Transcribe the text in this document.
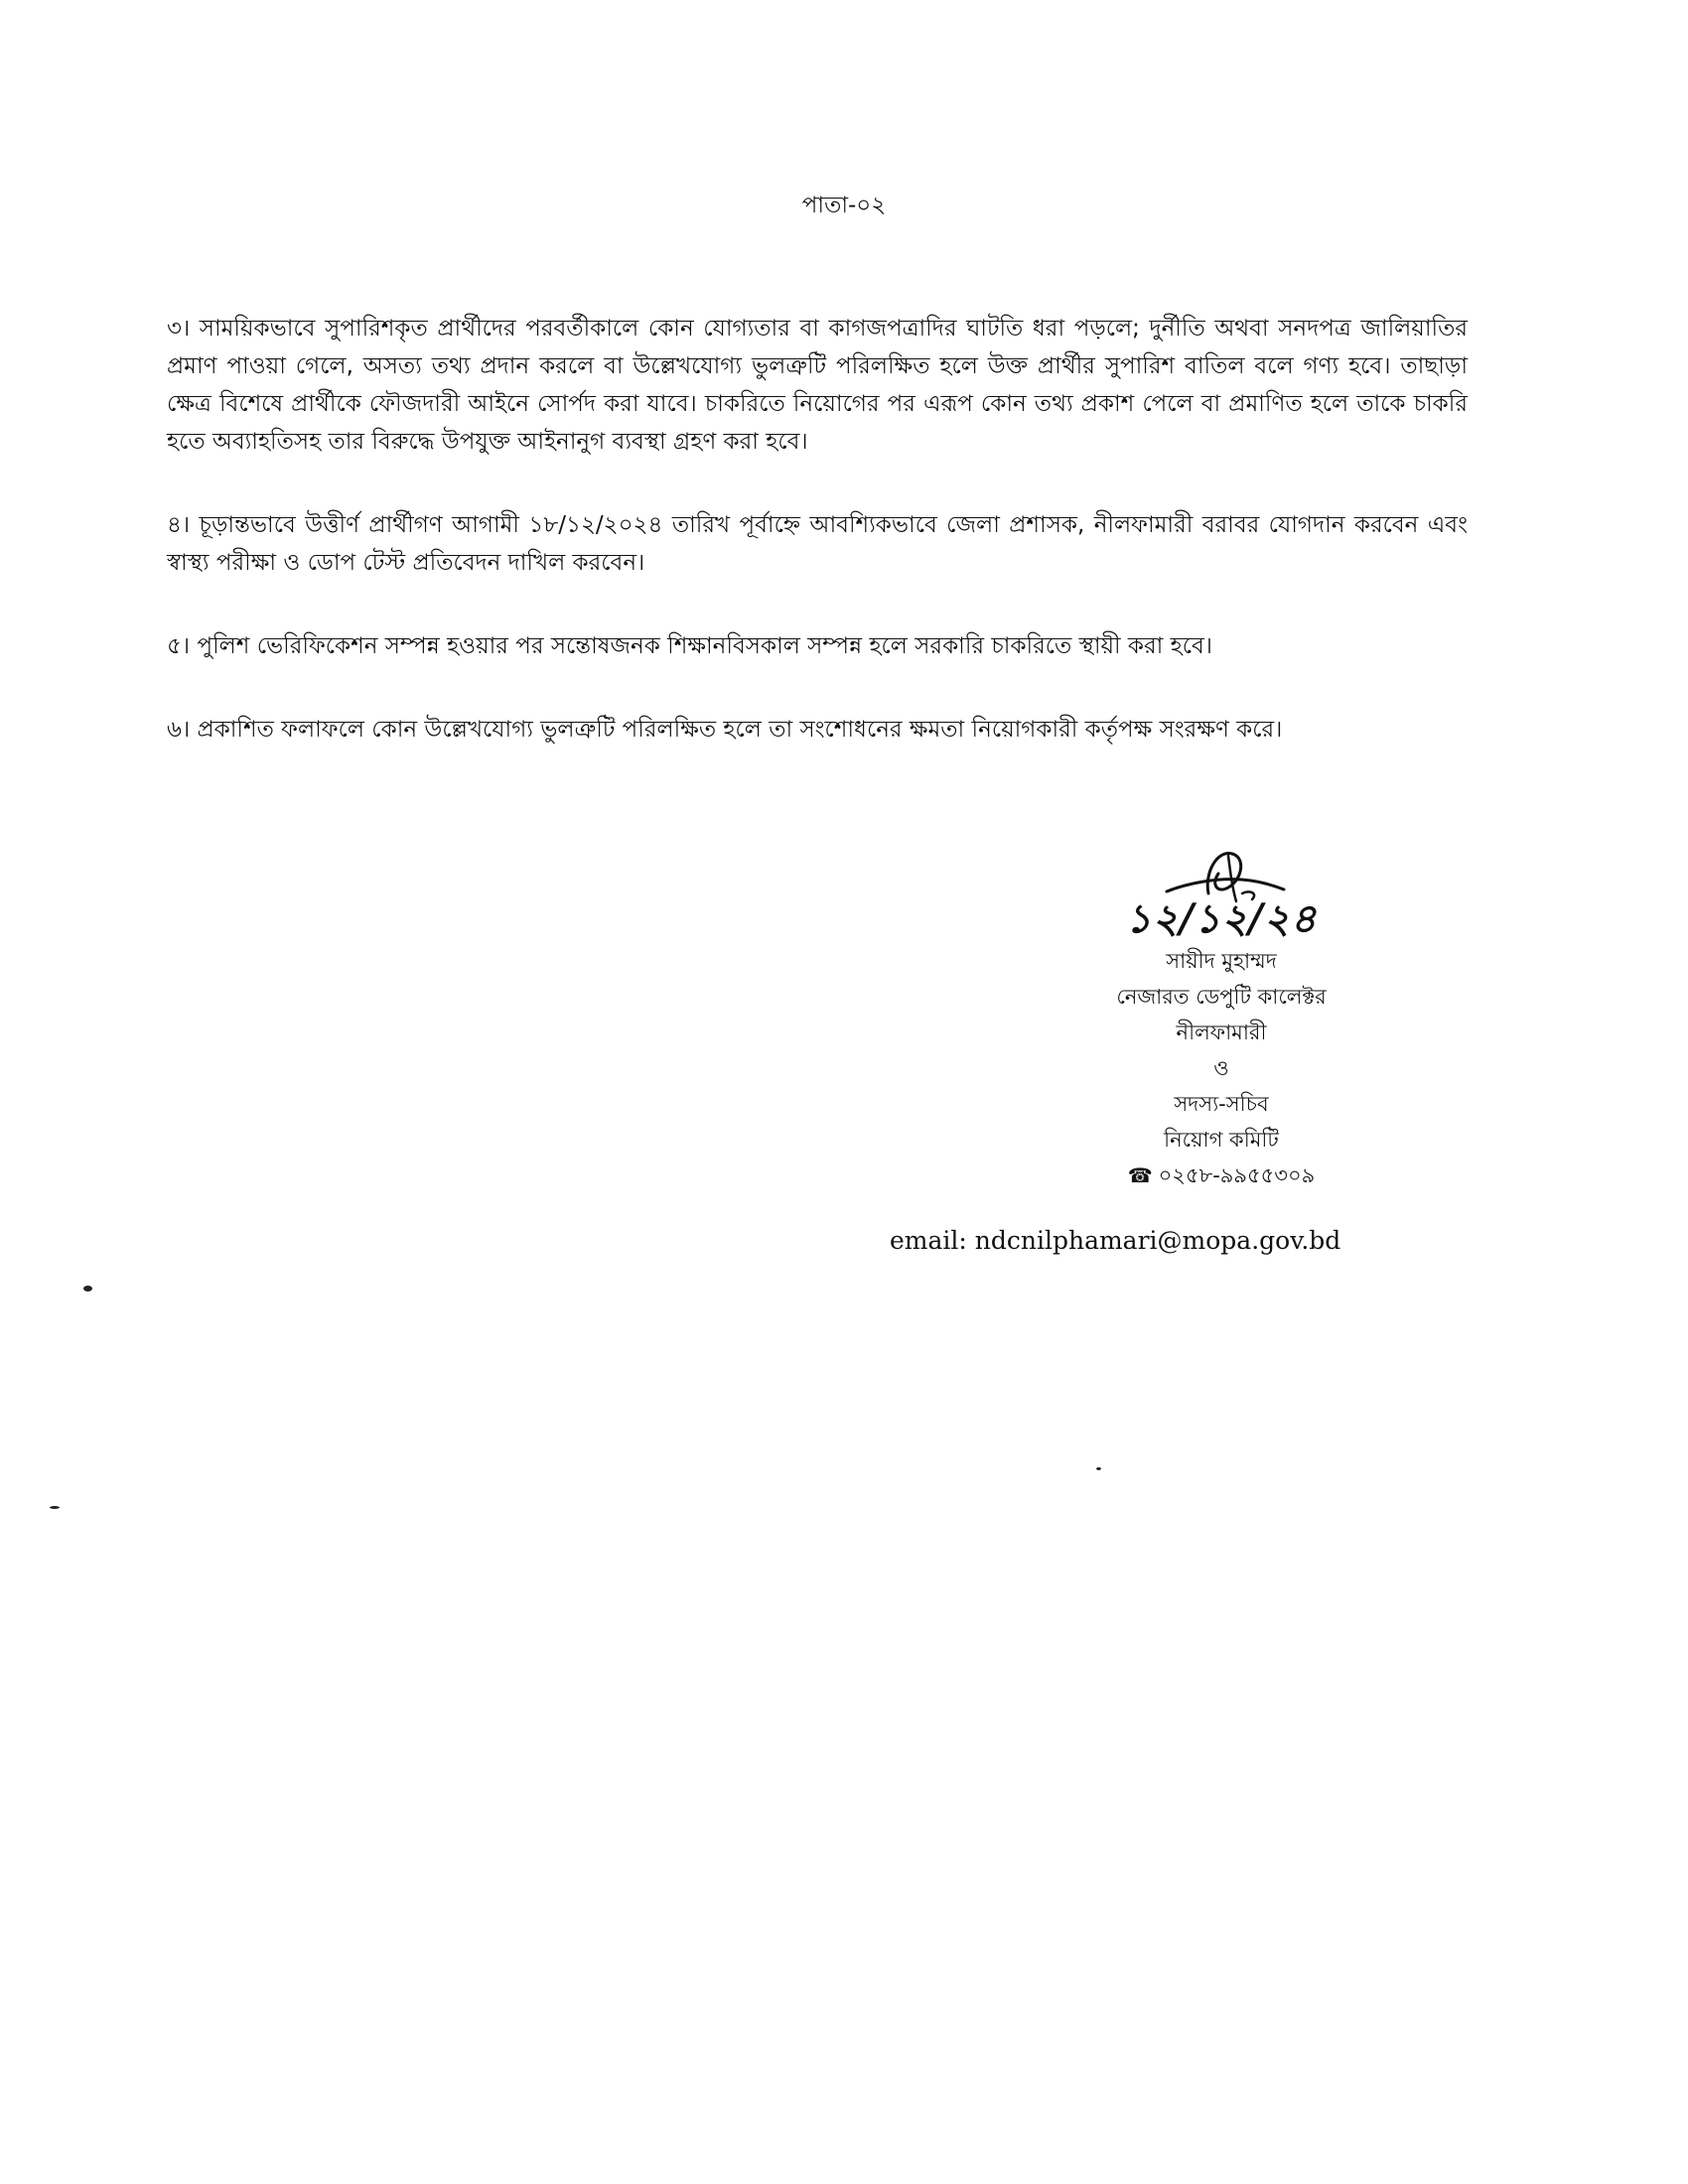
পাতা-০২

৩। সাময়িকভাবে সুপারিশকৃত প্রার্থীদের পরবর্তীকালে কোন যোগ্যতার বা কাগজপত্রাদির ঘাটতি ধরা পড়লে; দুর্নীতি অথবা সনদপত্র জালিয়াতির প্রমাণ পাওয়া গেলে, অসত্য তথ্য প্রদান করলে বা উল্লেখযোগ্য ভুলত্রুটি পরিলক্ষিত হলে উক্ত প্রার্থীর সুপারিশ বাতিল বলে গণ্য হবে। তাছাড়া ক্ষেত্র বিশেষে প্রার্থীকে ফৌজদারী আইনে সোর্পদ করা যাবে। চাকরিতে নিয়োগের পর এরূপ কোন তথ্য প্রকাশ পেলে বা প্রমাণিত হলে তাকে চাকরি হতে অব্যাহতিসহ তার বিরুদ্ধে উপযুক্ত আইনানুগ ব্যবস্থা গ্রহণ করা হবে।

৪। চূড়ান্তভাবে উত্তীর্ণ প্রার্থীগণ আগামী ১৮/১২/২০২৪ তারিখ পূর্বাহ্নে আবশ্যিকভাবে জেলা প্রশাসক, নীলফামারী বরাবর যোগদান করবেন এবং স্বাস্থ্য পরীক্ষা ও ডোপ টেস্ট প্রতিবেদন দাখিল করবেন।

৫। পুলিশ ভেরিফিকেশন সম্পন্ন হওয়ার পর সন্তোষজনক শিক্ষানবিসকাল সম্পন্ন হলে সরকারি চাকরিতে স্থায়ী করা হবে।

৬। প্রকাশিত ফলাফলে কোন উল্লেখযোগ্য ভুলত্রুটি পরিলক্ষিত হলে তা সংশোধনের ক্ষমতা নিয়োগকারী কর্তৃপক্ষ সংরক্ষণ করে।

১২/১২/২৪
সায়ীদ মুহাম্মদ
নেজারত ডেপুটি কালেক্টর
নীলফামারী
ও
সদস্য-সচিব
নিয়োগ কমিটি
☎ ০২৫৮-৯৯৫৫৩০৯
email: ndcnilphamari@mopa.gov.bd
